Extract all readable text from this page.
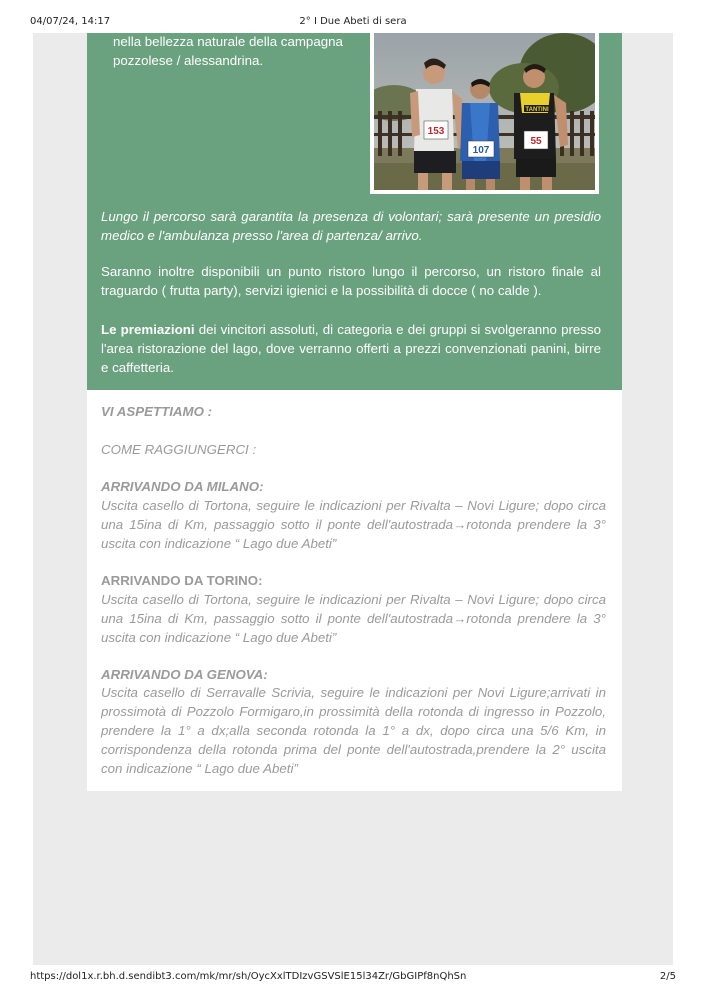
04/07/24, 14:17	2° I Due Abeti di sera

nella bellezza naturale della campagna pozzolese / alessandrina.

153
107
TANTINI
55

Lungo il percorso sarà garantita la presenza di volontari; sarà presente un presidio medico e l'ambulanza presso l'area di partenza/ arrivo.

Saranno inoltre disponibili un punto ristoro lungo il percorso, un ristoro finale al traguardo ( frutta party), servizi igienici e la possibilità di docce ( no calde ).

Le premiazioni dei vincitori assoluti, di categoria e dei gruppi si svolgeranno presso l'area ristorazione del lago, dove verranno offerti a prezzi convenzionati panini, birre e caffetteria.

VI ASPETTIAMO :

COME RAGGIUNGERCI :

ARRIVANDO DA MILANO:

Uscita casello di Tortona, seguire le indicazioni per Rivalta – Novi Ligure; dopo circa una 15ina di Km, passaggio sotto il ponte dell'autostrada→rotonda prendere la 3° uscita con indicazione “ Lago due Abeti”

ARRIVANDO DA TORINO:

Uscita casello di Tortona, seguire le indicazioni per Rivalta – Novi Ligure; dopo circa una 15ina di Km, passaggio sotto il ponte dell'autostrada→rotonda prendere la 3° uscita con indicazione “ Lago due Abeti”

ARRIVANDO DA GENOVA:

Uscita casello di Serravalle Scrivia, seguire le indicazioni per Novi Ligure;arrivati in prossimotà di Pozzolo Formigaro,in prossimità della rotonda di ingresso in Pozzolo, prendere la 1° a dx;alla seconda rotonda la 1° a dx, dopo circa una 5/6 Km, in corrispondenza della rotonda prima del ponte dell'autostrada,prendere la 2° uscita con indicazione “ Lago due Abeti”

https://dol1x.r.bh.d.sendibt3.com/mk/mr/sh/OycXxlTDIzvGSVSlE15l34Zr/GbGIPf8nQhSn	2/5
